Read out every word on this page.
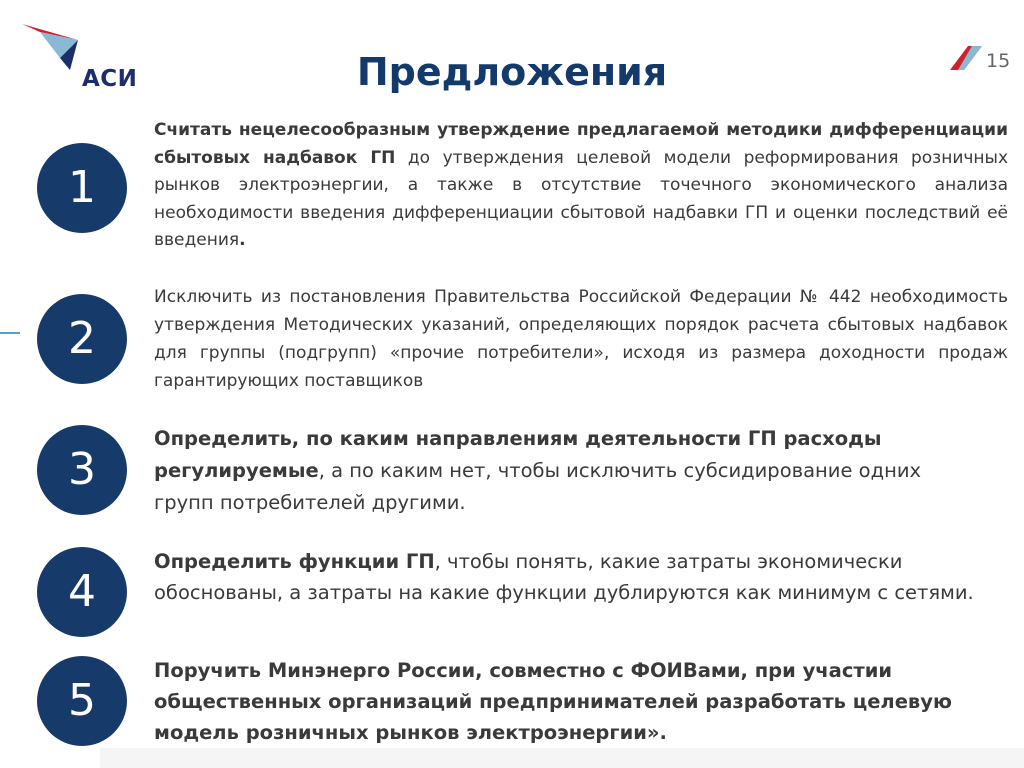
АСИ	Предложения	15
1
Считать нецелесообразным утверждение предлагаемой методики дифференциации сбытовых надбавок ГП до утверждения целевой модели реформирования розничных рынков электроэнергии, а также в отсутствие точечного экономического анализа необходимости введения дифференциации сбытовой надбавки ГП и оценки последствий её введения.
2
Исключить из постановления Правительства Российской Федерации № 442 необходимость утверждения Методических указаний, определяющих порядок расчета сбытовых надбавок для группы (подгрупп) «прочие потребители», исходя из размера доходности продаж гарантирующих поставщиков
3
Определить, по каким направлениям деятельности ГП расходы регулируемые, а по каким нет, чтобы исключить субсидирование одних групп потребителей другими.
4
Определить функции ГП, чтобы понять, какие затраты экономически обоснованы, а затраты на какие функции дублируются как минимум с сетями.
5
Поручить Минэнерго России, совместно с ФОИВами, при участии общественных организаций предпринимателей разработать целевую модель розничных рынков электроэнергии».
